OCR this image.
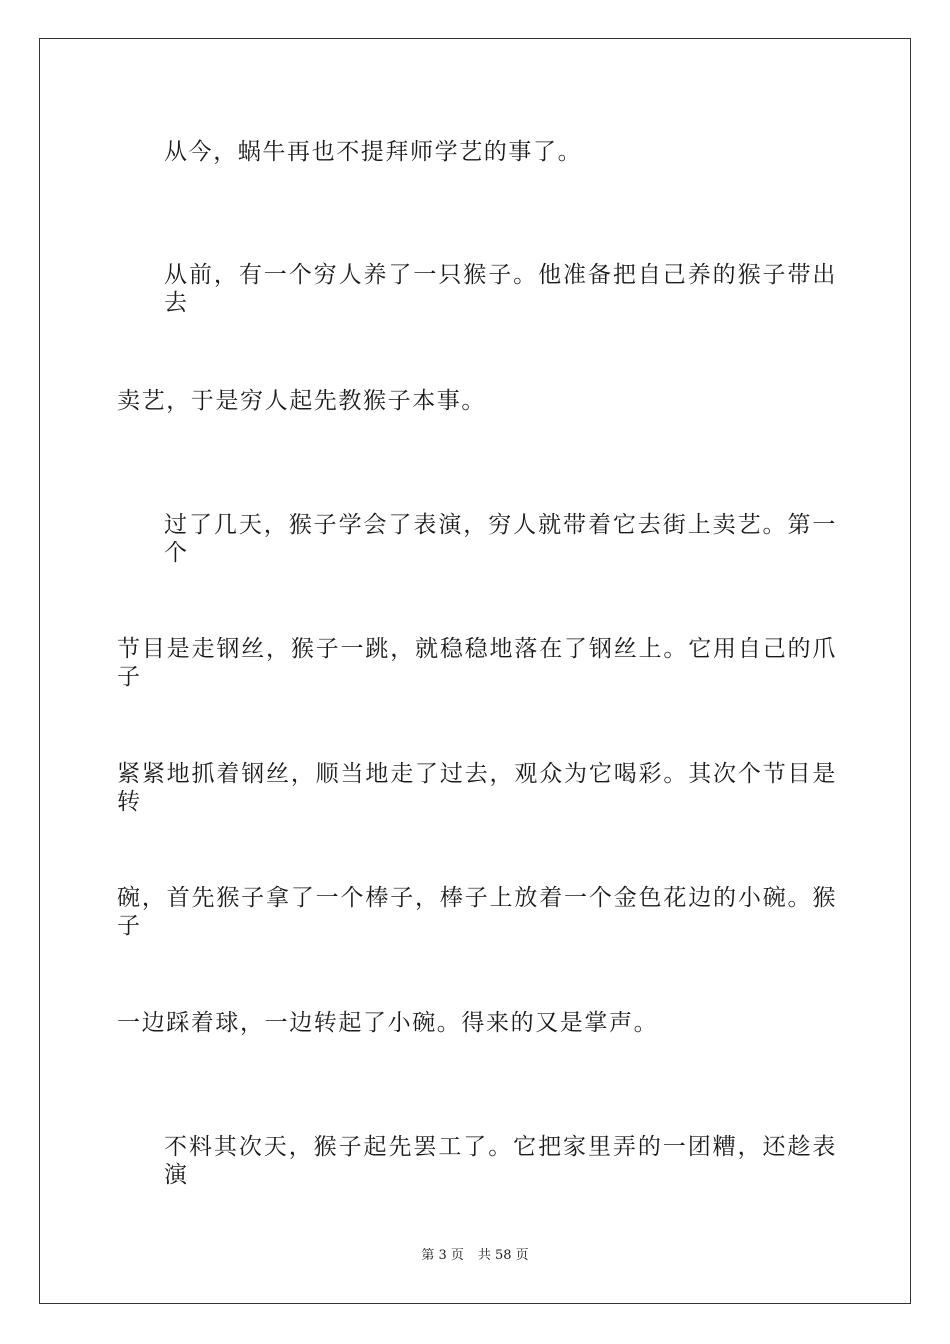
从今，蜗牛再也不提拜师学艺的事了。
从前，有一个穷人养了一只猴子。他准备把自己养的猴子带出去
卖艺，于是穷人起先教猴子本事。
过了几天，猴子学会了表演，穷人就带着它去街上卖艺。第一个
节目是走钢丝，猴子一跳，就稳稳地落在了钢丝上。它用自己的爪子
紧紧地抓着钢丝，顺当地走了过去，观众为它喝彩。其次个节目是转
碗，首先猴子拿了一个棒子，棒子上放着一个金色花边的小碗。猴子
一边踩着球，一边转起了小碗。得来的又是掌声。
不料其次天，猴子起先罢工了。它把家里弄的一团糟，还趁表演
第 3 页 共 58 页
